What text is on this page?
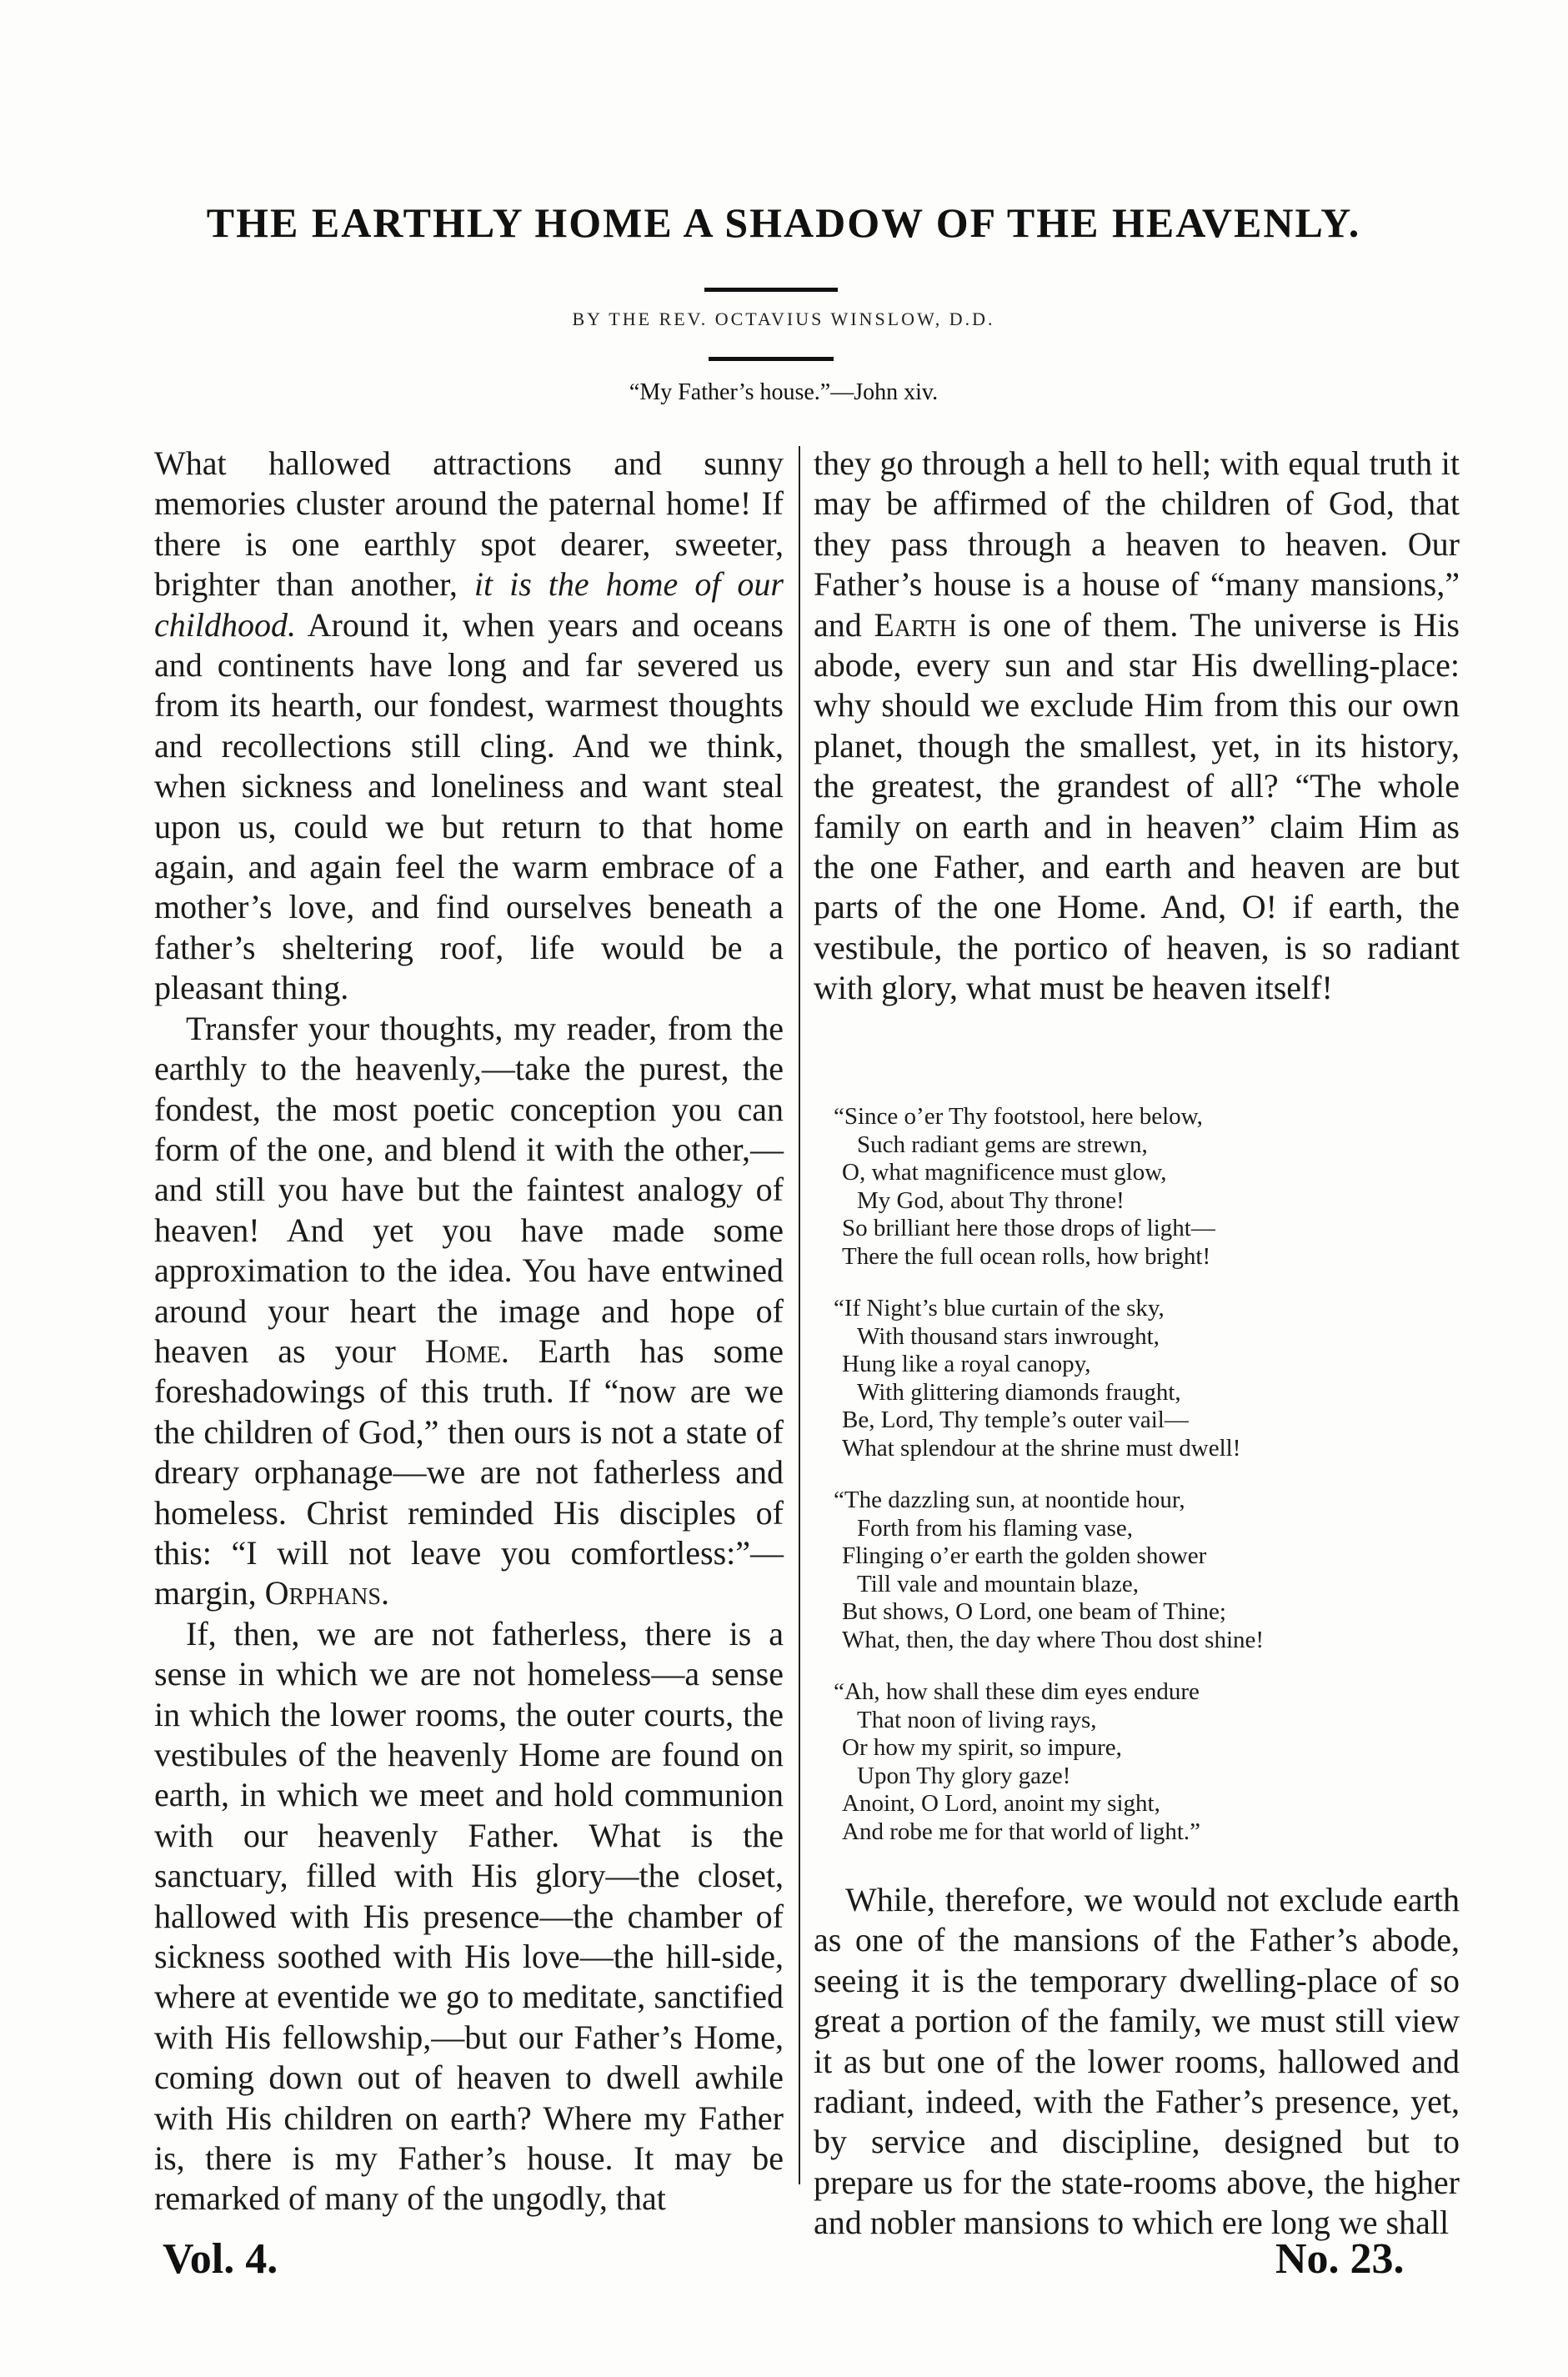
THE EARTHLY HOME A SHADOW OF THE HEAVENLY.
BY THE REV. OCTAVIUS WINSLOW, D.D.
“My Father’s house.”—John xiv.

What hallowed attractions and sunny memories cluster around the paternal home! If there is one earthly spot dearer, sweeter, brighter than another, it is the home of our childhood. Around it, when years and oceans and continents have long and far severed us from its hearth, our fondest, warmest thoughts and recollections still cling. And we think, when sickness and loneliness and want steal upon us, could we but return to that home again, and again feel the warm embrace of a mother’s love, and find ourselves beneath a father’s sheltering roof, life would be a pleasant thing.

Transfer your thoughts, my reader, from the earthly to the heavenly,—take the purest, the fondest, the most poetic conception you can form of the one, and blend it with the other,—and still you have but the faintest analogy of heaven! And yet you have made some approximation to the idea. You have entwined around your heart the image and hope of heaven as your Home. Earth has some foreshadowings of this truth. If “now are we the children of God,” then ours is not a state of dreary orphanage—we are not fatherless and homeless. Christ reminded His disciples of this: “I will not leave you comfortless:”—margin, Orphans.

If, then, we are not fatherless, there is a sense in which we are not homeless—a sense in which the lower rooms, the outer courts, the vestibules of the heavenly Home are found on earth, in which we meet and hold communion with our heavenly Father. What is the sanctuary, filled with His glory—the closet, hallowed with His presence—the chamber of sickness soothed with His love—the hill-side, where at eventide we go to meditate, sanctified with His fellowship,—but our Father’s Home, coming down out of heaven to dwell awhile with His children on earth? Where my Father is, there is my Father’s house. It may be remarked of many of the ungodly, that

they go through a hell to hell; with equal truth it may be affirmed of the children of God, that they pass through a heaven to heaven. Our Father’s house is a house of “many mansions,” and Earth is one of them. The universe is His abode, every sun and star His dwelling-place: why should we exclude Him from this our own planet, though the smallest, yet, in its history, the greatest, the grandest of all? “The whole family on earth and in heaven” claim Him as the one Father, and earth and heaven are but parts of the one Home. And, O! if earth, the vestibule, the portico of heaven, is so radiant with glory, what must be heaven itself!

“Since o’er Thy footstool, here below,
Such radiant gems are strewn,
O, what magnificence must glow,
My God, about Thy throne!
So brilliant here those drops of light—
There the full ocean rolls, how bright!
“If Night’s blue curtain of the sky,
With thousand stars inwrought,
Hung like a royal canopy,
With glittering diamonds fraught,
Be, Lord, Thy temple’s outer vail—
What splendour at the shrine must dwell!
“The dazzling sun, at noontide hour,
Forth from his flaming vase,
Flinging o’er earth the golden shower
Till vale and mountain blaze,
But shows, O Lord, one beam of Thine;
What, then, the day where Thou dost shine!
“Ah, how shall these dim eyes endure
That noon of living rays,
Or how my spirit, so impure,
Upon Thy glory gaze!
Anoint, O Lord, anoint my sight,
And robe me for that world of light.”

While, therefore, we would not exclude earth as one of the mansions of the Father’s abode, seeing it is the temporary dwelling-place of so great a portion of the family, we must still view it as but one of the lower rooms, hallowed and radiant, indeed, with the Father’s presence, yet, by service and discipline, designed but to prepare us for the state-rooms above, the higher and nobler mansions to which ere long we shall

Vol. 4.	No. 23.
